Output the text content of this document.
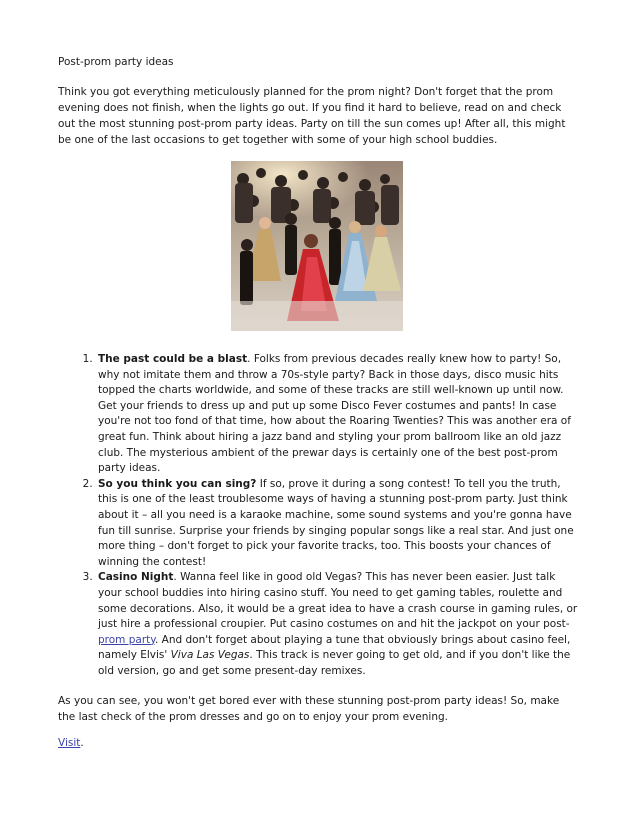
Post-prom party ideas

Think you got everything meticulously planned for the prom night? Don't forget that the prom evening does not finish, when the lights go out. If you find it hard to believe, read on and check out the most stunning post-prom party ideas. Party on till the sun comes up! After all, this might be one of the last occasions to get together with some of your high school buddies.

1. The past could be a blast. Folks from previous decades really knew how to party! So, why not imitate them and throw a 70s-style party? Back in those days, disco music hits topped the charts worldwide, and some of these tracks are still well-known up until now. Get your friends to dress up and put up some Disco Fever costumes and pants! In case you're not too fond of that time, how about the Roaring Twenties? This was another era of great fun. Think about hiring a jazz band and styling your prom ballroom like an old jazz club. The mysterious ambient of the prewar days is certainly one of the best post-prom party ideas.
2. So you think you can sing? If so, prove it during a song contest! To tell you the truth, this is one of the least troublesome ways of having a stunning post-prom party. Just think about it – all you need is a karaoke machine, some sound systems and you're gonna have fun till sunrise. Surprise your friends by singing popular songs like a real star. And just one more thing – don't forget to pick your favorite tracks, too. This boosts your chances of winning the contest!
3. Casino Night. Wanna feel like in good old Vegas? This has never been easier. Just talk your school buddies into hiring casino stuff. You need to get gaming tables, roulette and some decorations. Also, it would be a great idea to have a crash course in gaming rules, or just hire a professional croupier. Put casino costumes on and hit the jackpot on your post-prom party. And don't forget about playing a tune that obviously brings about casino feel, namely Elvis' Viva Las Vegas. This track is never going to get old, and if you don't like the old version, go and get some present-day remixes.

As you can see, you won't get bored ever with these stunning post-prom party ideas! So, make the last check of the prom dresses and go on to enjoy your prom evening.

Visit.
